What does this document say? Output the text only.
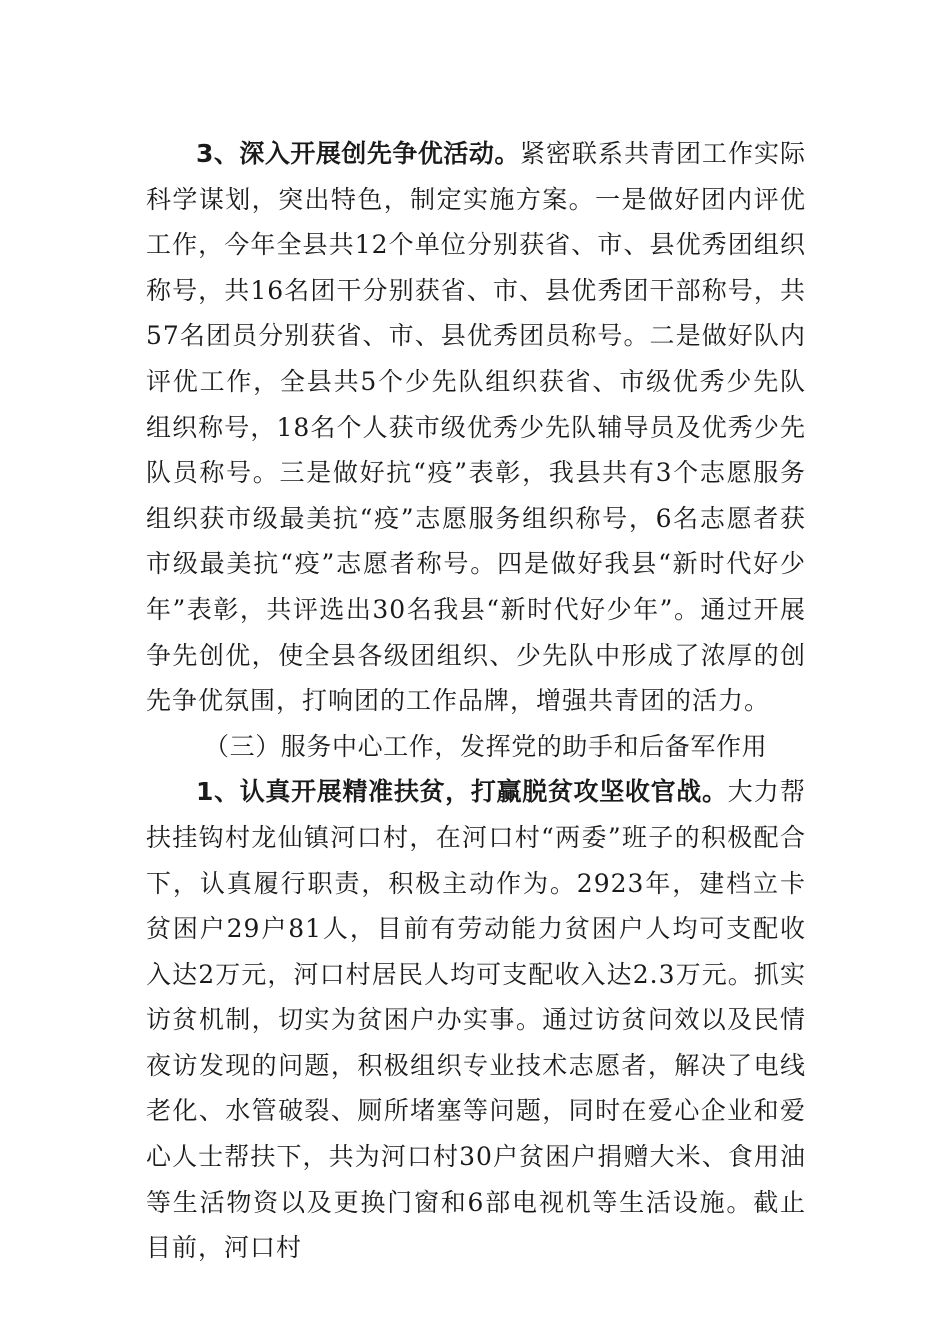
3、深入开展创先争优活动。紧密联系共青团工作实际科学谋划，突出特色，制定实施方案。一是做好团内评优工作，今年全县共12个单位分别获省、市、县优秀团组织称号，共16名团干分别获省、市、县优秀团干部称号，共57名团员分别获省、市、县优秀团员称号。二是做好队内评优工作，全县共5个少先队组织获省、市级优秀少先队组织称号，18名个人获市级优秀少先队辅导员及优秀少先队员称号。三是做好抗“疫”表彰，我县共有3个志愿服务组织获市级最美抗“疫”志愿服务组织称号，6名志愿者获市级最美抗“疫”志愿者称号。四是做好我县“新时代好少年”表彰，共评选出30名我县“新时代好少年”。通过开展争先创优，使全县各级团组织、少先队中形成了浓厚的创先争优氛围，打响团的工作品牌，增强共青团的活力。

（三）服务中心工作，发挥党的助手和后备军作用

1、认真开展精准扶贫，打赢脱贫攻坚收官战。大力帮扶挂钩村龙仙镇河口村，在河口村“两委”班子的积极配合下，认真履行职责，积极主动作为。2923年，建档立卡贫困户29户81人，目前有劳动能力贫困户人均可支配收入达2万元，河口村居民人均可支配收入达2.3万元。抓实访贫机制，切实为贫困户办实事。通过访贫问效以及民情夜访发现的问题，积极组织专业技术志愿者，解决了电线老化、水管破裂、厕所堵塞等问题，同时在爱心企业和爱心人士帮扶下，共为河口村30户贫困户捐赠大米、食用油等生活物资以及更换门窗和6部电视机等生活设施。截止目前，河口村
